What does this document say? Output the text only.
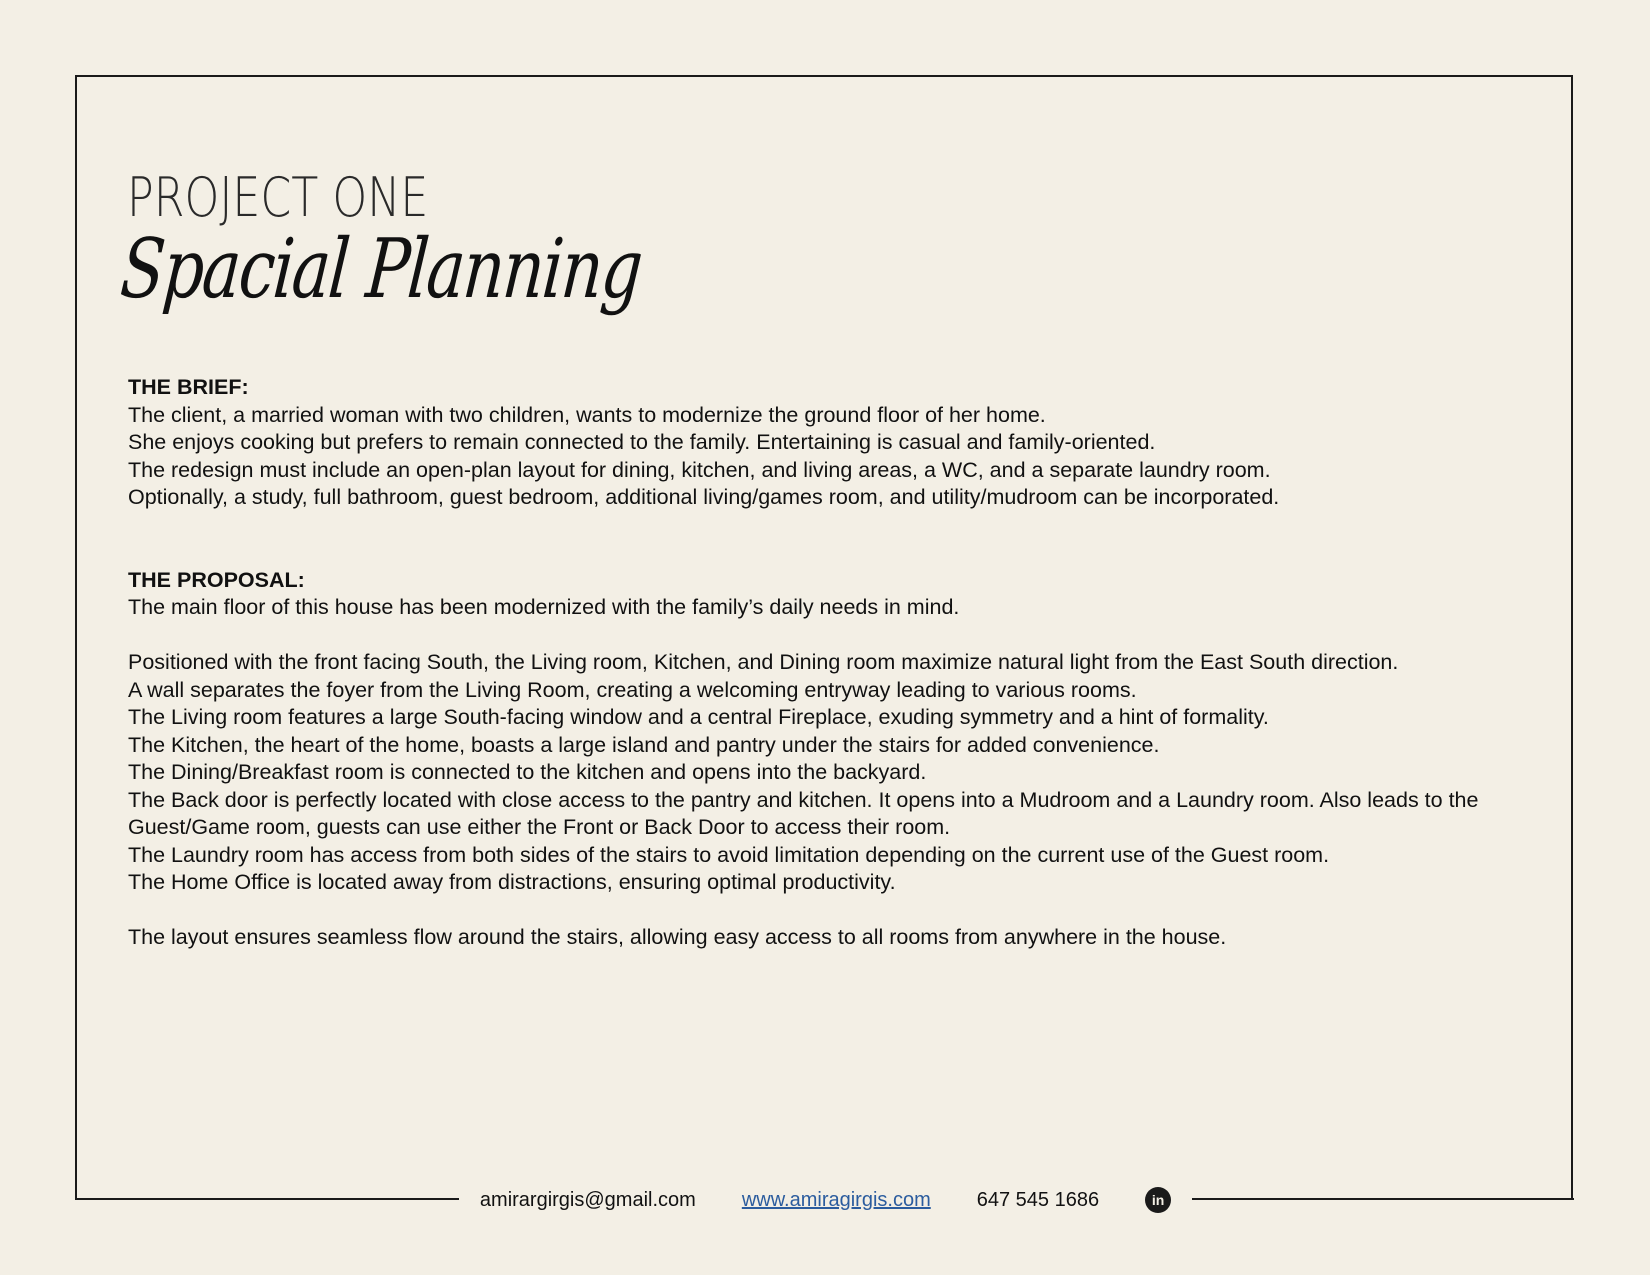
PROJECT ONE
Spacial Planning

THE BRIEF:

The client, a married woman with two children, wants to modernize the ground floor of her home.

She enjoys cooking but prefers to remain connected to the family. Entertaining is casual and family-oriented.

The redesign must include an open-plan layout for dining, kitchen, and living areas, a WC, and a separate laundry room.

Optionally, a study, full bathroom, guest bedroom, additional living/games room, and utility/mudroom can be incorporated.

THE PROPOSAL:

The main floor of this house has been modernized with the family’s daily needs in mind.

Positioned with the front facing South, the Living room, Kitchen, and Dining room maximize natural light from the East South direction.

A wall separates the foyer from the Living Room, creating a welcoming entryway leading to various rooms.

The Living room features a large South-facing window and a central Fireplace, exuding symmetry and a hint of formality.

The Kitchen, the heart of the home, boasts a large island and pantry under the stairs for added convenience.

The Dining/Breakfast room is connected to the kitchen and opens into the backyard.

The Back door is perfectly located with close access to the pantry and kitchen. It opens into a Mudroom and a Laundry room. Also leads to the Guest/Game room, guests can use either the Front or Back Door to access their room.

The Laundry room has access from both sides of the stairs to avoid limitation depending on the current use of the Guest room.

The Home Office is located away from distractions, ensuring optimal productivity.

The layout ensures seamless flow around the stairs, allowing easy access to all rooms from anywhere in the house.

amirargirgis@gmail.com www.amiragirgis.com 647 545 1686	in
